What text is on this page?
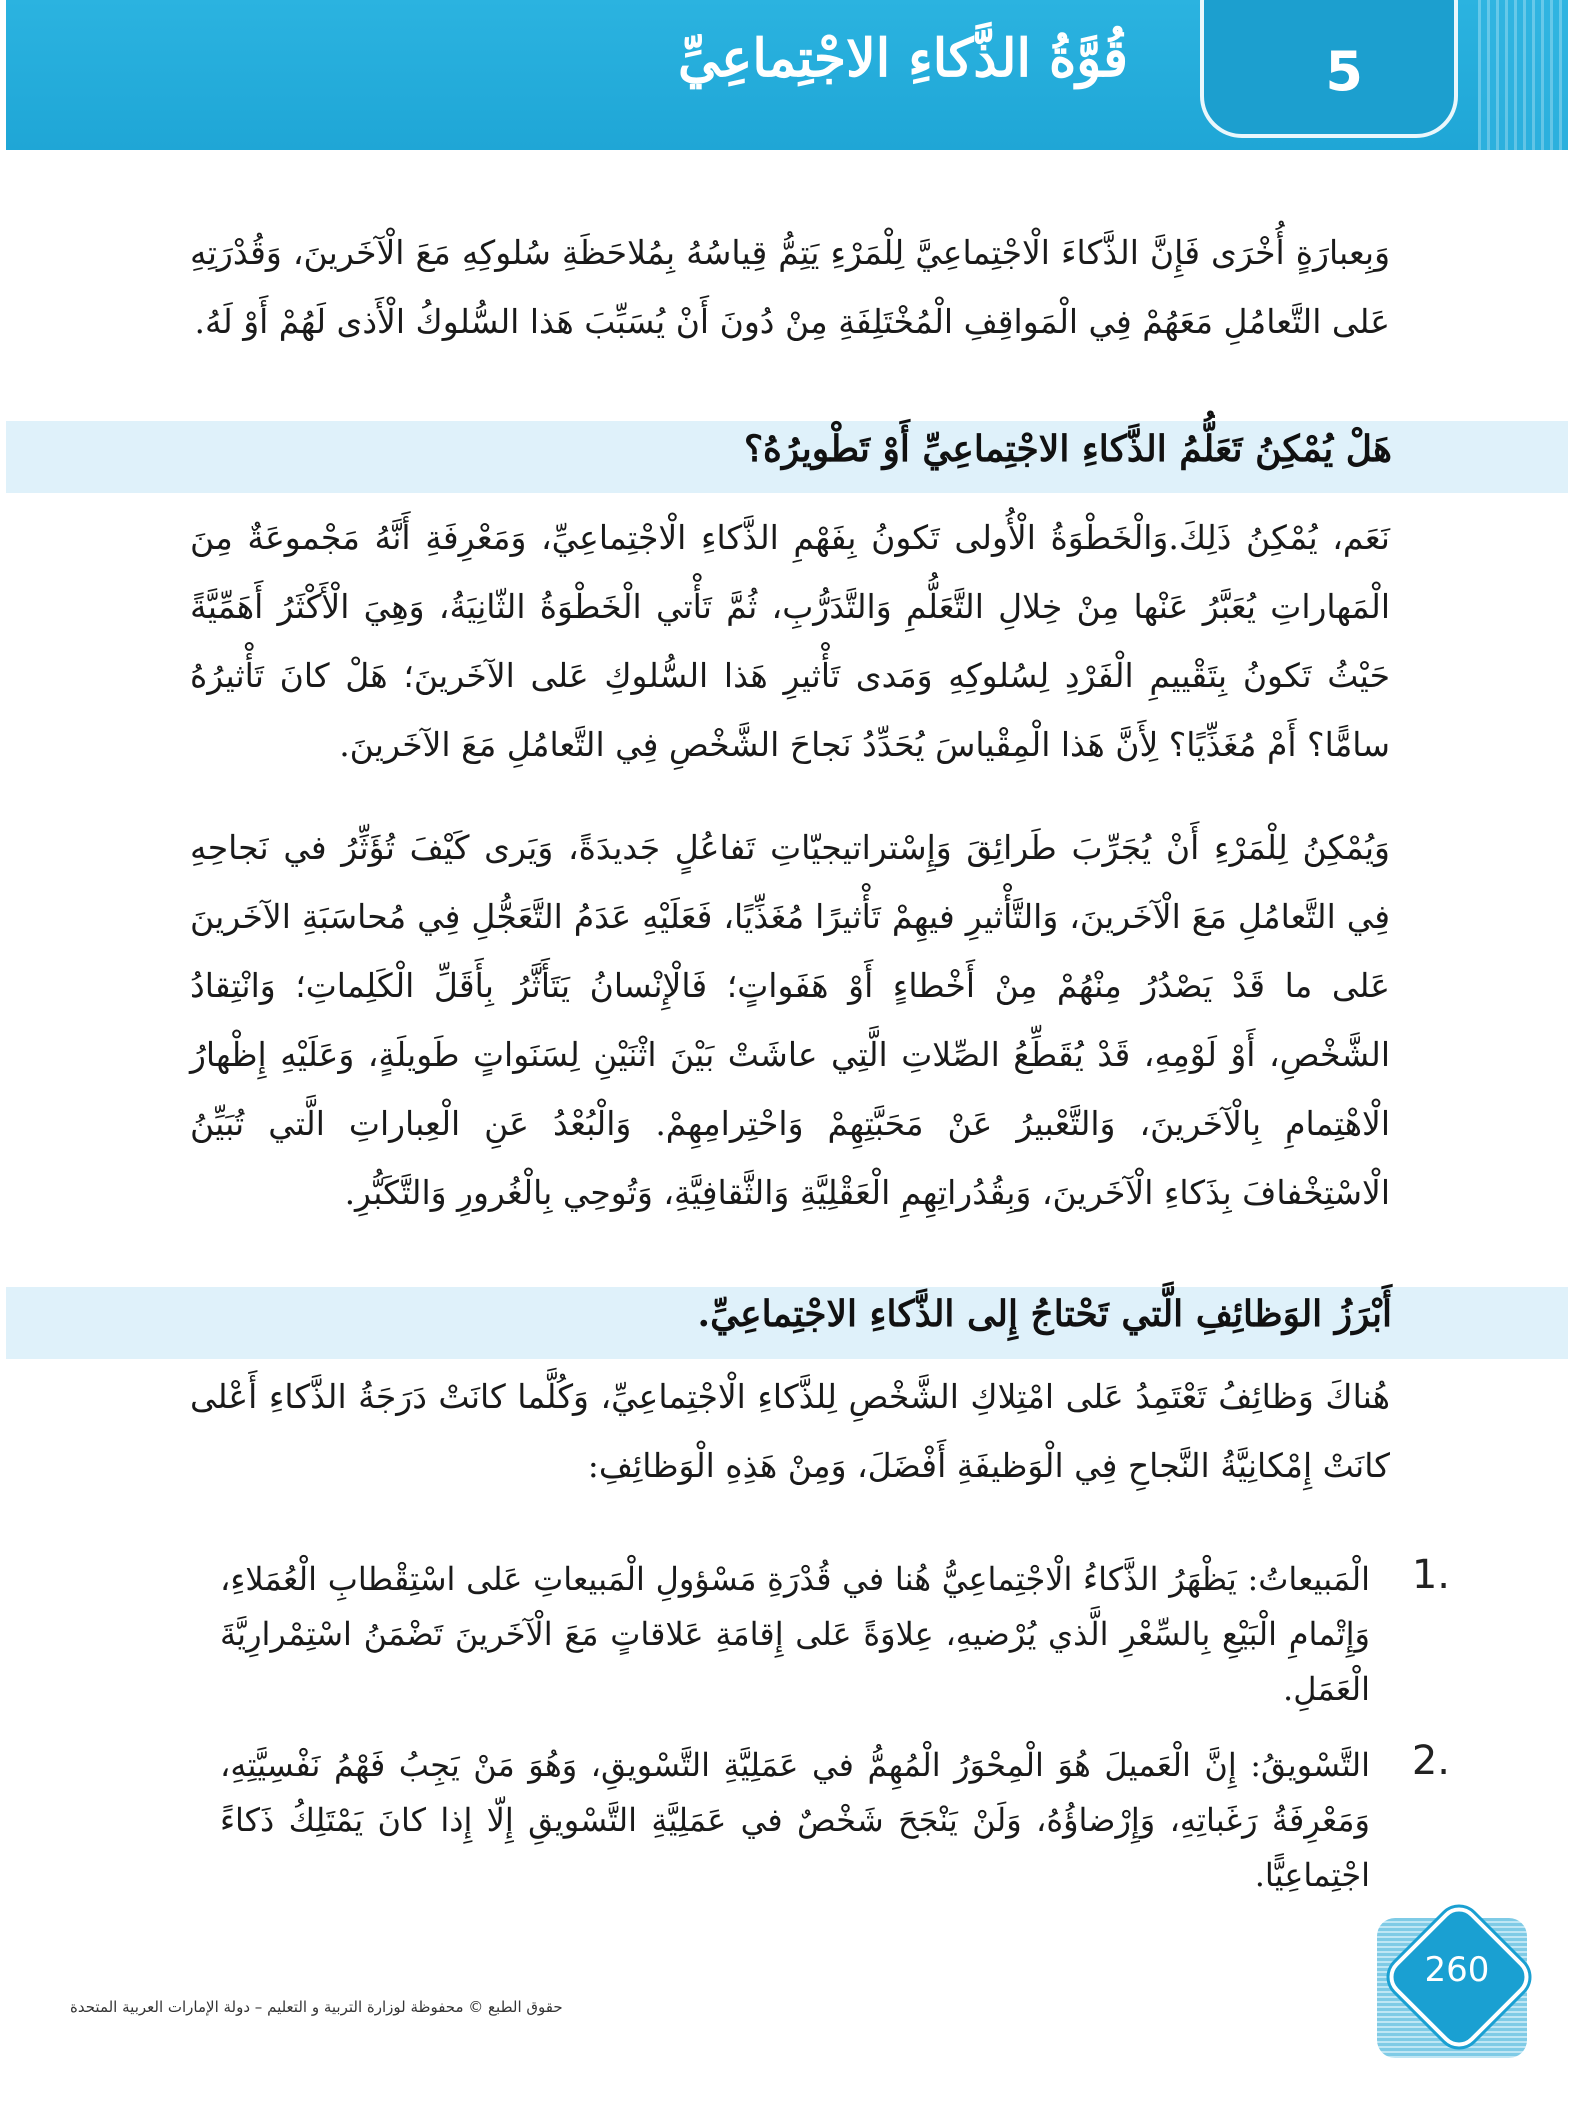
5
قُوَّةُ الذَّكاءِ الاجْتِماعِيِّ

وَبِعبارَةٍ أُخْرَى فَإِنَّ الذَّكاءَ الْاجْتِماعِيَّ لِلْمَرْءِ يَتِمُّ قِياسُهُ بِمُلاحَظَةِ سُلوكِهِ مَعَ الْآخَرينَ، وَقُدْرَتِهِ عَلى التَّعامُلِ مَعَهُمْ فِي الْمَواقِفِ الْمُخْتَلِفَةِ مِنْ دُونَ أَنْ يُسَبِّبَ هَذا السُّلوكُ الْأَذى لَهُمْ أَوْ لَهُ.

هَلْ يُمْكِنُ تَعَلُّمُ الذَّكاءِ الاجْتِماعِيِّ أَوْ تَطْويرُهُ؟

نَعَم، يُمْكِنُ ذَلِكَ.وَالْخَطْوَةُ الْأُولى تَكونُ بِفَهْمِ الذَّكاءِ الْاجْتِماعِيِّ، وَمَعْرِفَةِ أَنَّهُ مَجْموعَةٌ مِنَ الْمَهاراتِ يُعَبَّرُ عَنْها مِنْ خِلالِ التَّعَلُّمِ وَالتَّدَرُّبِ، ثُمَّ تَأْتي الْخَطْوَةُ الثّانِيَةُ، وَهِيَ الْأَكْثَرُ أَهَمِّيَّةً حَيْثُ تَكونُ بِتَقْييمِ الْفَرْدِ لِسُلوكِهِ وَمَدى تَأْثيرِ هَذا السُّلوكِ عَلى الآخَرينَ؛ هَلْ كانَ تَأْثيرُهُ سامًّا؟ أَمْ مُغَذِّيًا؟ لِأَنَّ هَذا الْمِقْياسَ يُحَدِّدُ نَجاحَ الشَّخْصِ فِي التَّعامُلِ مَعَ الآخَرينَ.

وَيُمْكِنُ لِلْمَرْءِ أَنْ يُجَرِّبَ طَرائِقَ وَإِسْتراتيجيّاتِ تَفاعُلٍ جَديدَةً، وَيَرى كَيْفَ تُؤَثِّرُ في نَجاحِهِ فِي التَّعامُلِ مَعَ الْآخَرينَ، وَالتَّأْثيرِ فيهِمْ تَأْثيرًا مُغَذِّيًا، فَعَلَيْهِ عَدَمُ التَّعَجُّلِ فِي مُحاسَبَةِ الآخَرينَ عَلى ما قَدْ يَصْدُرُ مِنْهُمْ مِنْ أَخْطاءٍ أَوْ هَفَواتٍ؛ فَالْإِنْسانُ يَتَأَثَّرُ بِأَقَلِّ الْكَلِماتِ؛ وَانْتِقادُ الشَّخْصِ، أَوْ لَوْمِهِ، قَدْ يُقَطِّعُ الصِّلاتِ الَّتِي عاشَتْ بَيْنَ اثْنَيْنِ لِسَنَواتٍ طَويلَةٍ، وَعَلَيْهِ إِظْهارُ الْاهْتِمامِ بِالْآخَرينَ، وَالتَّعْبيرُ عَنْ مَحَبَّتِهِمْ وَاحْتِرامِهِمْ. وَالْبُعْدُ عَنِ الْعِباراتِ الَّتي تُبَيِّنُ الْاسْتِخْفافَ بِذَكاءِ الْآخَرينَ، وَبِقُدُراتِهِمِ الْعَقْلِيَّةِ وَالثَّقافِيَّةِ، وَتُوحِي بِالْغُرورِ وَالتَّكَبُّرِ.

أَبْرَزُ الوَظائِفِ الَّتي تَحْتاجُ إِلى الذَّكاءِ الاجْتِماعِيِّ.

هُناكَ وَظائِفُ تَعْتَمِدُ عَلى امْتِلاكِ الشَّخْصِ لِلذَّكاءِ الْاجْتِماعِيِّ، وَكُلَّما كانَتْ دَرَجَةُ الذَّكاءِ أَعْلى كانَتْ إِمْكانِيَّةُ النَّجاحِ فِي الْوَظيفَةِ أَفْضَلَ، وَمِنْ هَذِهِ الْوَظائِفِ:

1.

الْمَبيعاتُ: يَظْهَرُ الذَّكاءُ الْاجْتِماعِيُّ هُنا في قُدْرَةِ مَسْؤولِ الْمَبيعاتِ عَلى اسْتِقْطابِ الْعُمَلاءِ، وَإِتْمامِ الْبَيْعِ بِالسِّعْرِ الَّذي يُرْضيهِ، عِلاوَةً عَلى إِقامَةِ عَلاقاتٍ مَعَ الْآخَرينَ تَضْمَنُ اسْتِمْرارِيَّةَ الْعَمَلِ.

2.

التَّسْويقُ: إِنَّ الْعَميلَ هُوَ الْمِحْوَرُ الْمُهِمُّ في عَمَلِيَّةِ التَّسْويقِ، وَهُوَ مَنْ يَجِبُ فَهْمُ نَفْسِيَّتِهِ، وَمَعْرِفَةُ رَغَباتِهِ، وَإِرْضاؤُهُ، وَلَنْ يَنْجَحَ شَخْصٌ في عَمَلِيَّةِ التَّسْويقِ إِلّا إِذا كانَ يَمْتَلِكُ ذَكاءً اجْتِماعِيًّا.

حقوق الطبع © محفوظة لوزارة التربية و التعليم – دولة الإمارات العربية المتحدة

260
